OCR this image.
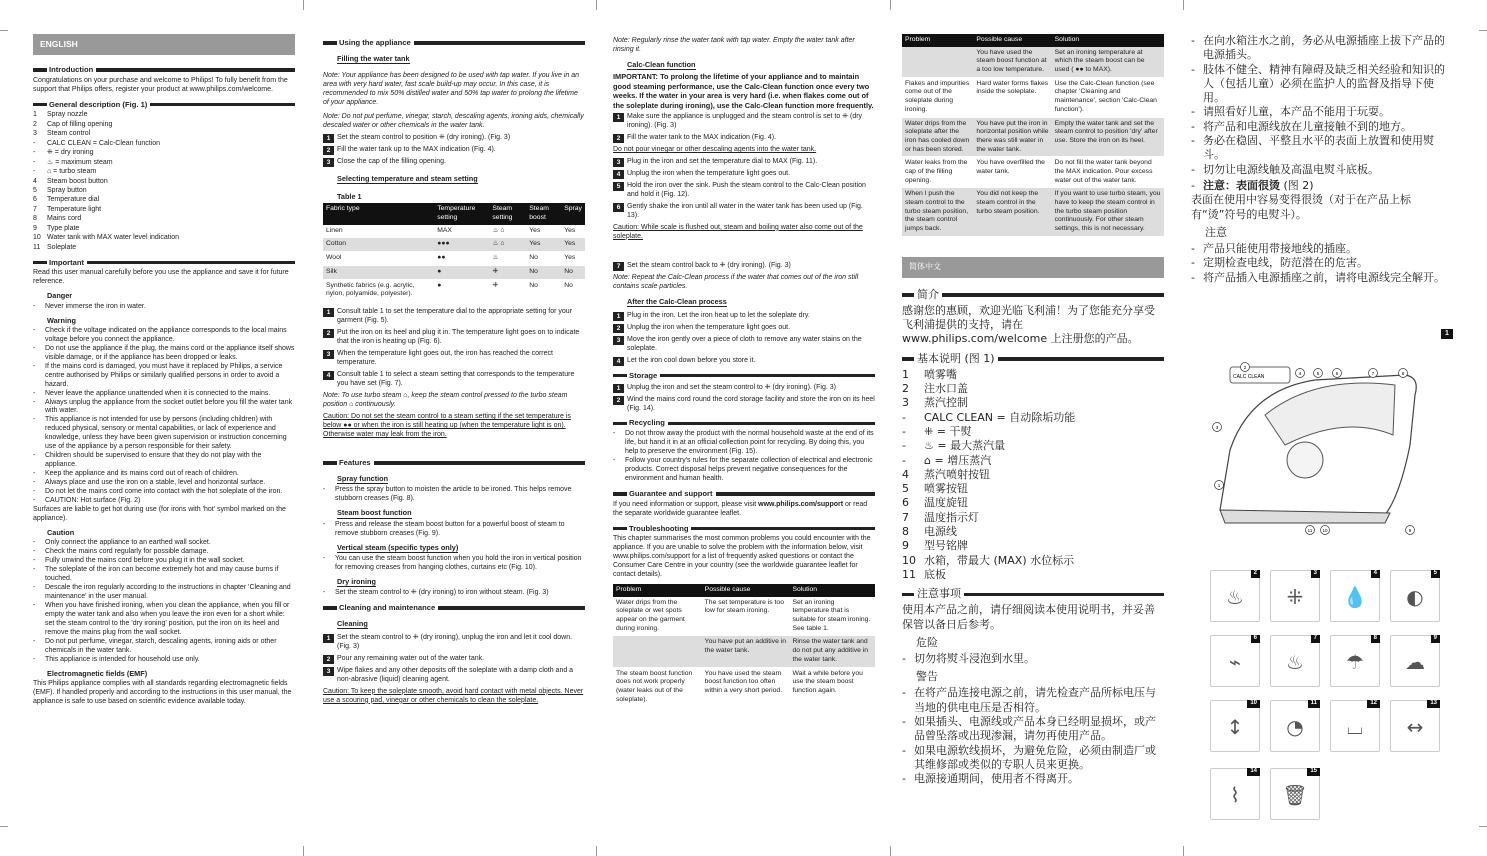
ENGLISH
Introduction

Congratulations on your purchase and welcome to Philips! To fully benefit from the support that Philips offers, register your product at www.philips.com/welcome.

General description (Fig. 1)
1	Spray nozzle
2	Cap of filling opening
3	Steam control
-	CALC CLEAN = Calc-Clean function
-	⁜ = dry ironing
-	♨ = maximum steam
-	⌂ = turbo steam
4	Steam boost button
5	Spray button
6	Temperature dial
7	Temperature light
8	Mains cord
9	Type plate
10 Water tank with MAX water level indication
11 Soleplate
Important

Read this user manual carefully before you use the appliance and save it for future reference.

Danger
-	Never immerse the iron in water.
Warning
-	Check if the voltage indicated on the appliance corresponds to the local mains voltage before you connect the appliance.
-	Do not use the appliance if the plug, the mains cord or the appliance itself shows visible damage, or if the appliance has been dropped or leaks.
-	If the mains cord is damaged, you must have it replaced by Philips, a service centre authorised by Philips or similarly qualified persons in order to avoid a hazard.
-	Never leave the appliance unattended when it is connected to the mains.
-	Always unplug the appliance from the socket outlet before you fill the water tank with water.
-	This appliance is not intended for use by persons (including children) with reduced physical, sensory or mental capabilities, or lack of experience and knowledge, unless they have been given supervision or instruction concerning use of the appliance by a person responsible for their safety.
-	Children should be supervised to ensure that they do not play with the appliance.
-	Keep the appliance and its mains cord out of reach of children.
-	Always place and use the iron on a stable, level and horizontal surface.
-	Do not let the mains cord come into contact with the hot soleplate of the iron.
-	CAUTION: Hot surface (Fig. 2)

Surfaces are liable to get hot during use (for irons with 'hot' symbol marked on the appliance).

Caution
-	Only connect the appliance to an earthed wall socket.
-	Check the mains cord regularly for possible damage.
-	Fully unwind the mains cord before you plug it in the wall socket.
-	The soleplate of the iron can become extremely hot and may cause burns if touched.
-	Descale the iron regularly according to the instructions in chapter 'Cleaning and maintenance' in the user manual.
-	When you have finished ironing, when you clean the appliance, when you fill or empty the water tank and also when you leave the iron even for a short while: set the steam control to the 'dry ironing' position, put the iron on its heel and remove the mains plug from the wall socket.
-	Do not put perfume, vinegar, starch, descaling agents, ironing aids or other chemicals in the water tank.
-	This appliance is intended for household use only.
Electromagnetic fields (EMF)

This Philips appliance complies with all standards regarding electromagnetic fields (EMF). If handled properly and according to the instructions in this user manual, the appliance is safe to use based on scientific evidence available today.

Using the appliance
Filling the water tank

Note: Your appliance has been designed to be used with tap water. If you live in an area with very hard water, fast scale build-up may occur. In this case, it is recommended to mix 50% distilled water and 50% tap water to prolong the lifetime of your appliance.

Note: Do not put perfume, vinegar, starch, descaling agents, ironing aids, chemically descaled water or other chemicals in the water tank.

1 Set the steam control to position ⁜ (dry ironing). (Fig. 3)
2 Fill the water tank up to the MAX indication (Fig. 4).
3 Close the cap of the filling opening.
Selecting temperature and steam setting
Table 1
Fabric type	Temperature setting	Steam setting	Steam boost	Spray
Linen	MAX	♨ ⌂	Yes	Yes
Cotton	●●●	♨ ⌂	Yes	Yes
Wool	●●	♨	No	Yes
Silk	●	⁜	No	No
Synthetic fabrics (e.g. acrylic, nylon, polyamide, polyester).	●	⁜	No	No
1 Consult table 1 to set the temperature dial to the appropriate setting for your garment (Fig. 5).
2 Put the iron on its heel and plug it in. The temperature light goes on to indicate that the iron is heating up (Fig. 6).
3 When the temperature light goes out, the iron has reached the correct temperature.
4 Consult table 1 to select a steam setting that corresponds to the temperature you have set (Fig. 7).

Note: To use turbo steam ⌂, keep the steam control pressed to the turbo steam position ⌂ continuously.

Caution: Do not set the steam control to a steam setting if the set temperature is below ●● or when the iron is still heating up (when the temperature light is on). Otherwise water may leak from the iron.

Features
Spray function
-	Press the spray button to moisten the article to be ironed. This helps remove stubborn creases (Fig. 8).
Steam boost function
-	Press and release the steam boost button for a powerful boost of steam to remove stubborn creases (Fig. 9).
Vertical steam (specific types only)
-	You can use the steam boost function when you hold the iron in vertical position for removing creases from hanging clothes, curtains etc (Fig. 10).
Dry ironing
-	Set the steam control to ⁜ (dry ironing) to iron without steam. (Fig. 3)
Cleaning and maintenance
Cleaning
1 Set the steam control to ⁜ (dry ironing), unplug the iron and let it cool down. (Fig. 3)
2 Pour any remaining water out of the water tank.
3 Wipe flakes and any other deposits off the soleplate with a damp cloth and a non-abrasive (liquid) cleaning agent.

Caution: To keep the soleplate smooth, avoid hard contact with metal objects. Never use a scouring pad, vinegar or other chemicals to clean the soleplate.

Note: Regularly rinse the water tank with tap water. Empty the water tank after rinsing it.

Calc-Clean function

IMPORTANT: To prolong the lifetime of your appliance and to maintain good steaming performance, use the Calc-Clean function once every two weeks. If the water in your area is very hard (i.e. when flakes come out of the soleplate during ironing), use the Calc-Clean function more frequently.

1 Make sure the appliance is unplugged and the steam control is set to ⁜ (dry ironing). (Fig. 3)
2 Fill the water tank to the MAX indication (Fig. 4).

Do not pour vinegar or other descaling agents into the water tank.

3 Plug in the iron and set the temperature dial to MAX (Fig. 11).
4 Unplug the iron when the temperature light goes out.
5 Hold the iron over the sink. Push the steam control to the Calc-Clean position and hold it (Fig. 12).
6 Gently shake the iron until all water in the water tank has been used up (Fig. 13).

Caution: While scale is flushed out, steam and boiling water also come out of the soleplate.

7 Set the steam control back to ⁜ (dry ironing). (Fig. 3)

Note: Repeat the Calc-Clean process if the water that comes out of the iron still contains scale particles.

After the Calc-Clean process
1 Plug in the iron. Let the iron heat up to let the soleplate dry.
2 Unplug the iron when the temperature light goes out.
3 Move the iron gently over a piece of cloth to remove any water stains on the soleplate.
4 Let the iron cool down before you store it.
Storage
1 Unplug the iron and set the steam control to ⁜ (dry ironing). (Fig. 3)
2 Wind the mains cord round the cord storage facility and store the iron on its heel (Fig. 14).
Recycling
-	Do not throw away the product with the normal household waste at the end of its life, but hand it in at an official collection point for recycling. By doing this, you help to preserve the environment (Fig. 15).
-	Follow your country's rules for the separate collection of electrical and electronic products. Correct disposal helps prevent negative consequences for the environment and human health.
Guarantee and support

If you need information or support, please visit www.philips.com/support or read the separate worldwide guarantee leaflet.

Troubleshooting

This chapter summarises the most common problems you could encounter with the appliance. If you are unable to solve the problem with the information below, visit www.philips.com/support for a list of frequently asked questions or contact the Consumer Care Centre in your country (see the worldwide guarantee leaflet for contact details).

Problem	Possible cause	Solution
Water drips from the soleplate or wet spots appear on the garment during ironing.	The set temperature is too low for steam ironing.	Set an ironing temperature that is suitable for steam ironing. See table 1.
	You have put an additive in the water tank.	Rinse the water tank and do not put any additive in the water tank.
The steam boost function does not work properly (water leaks out of the soleplate).	You have used the steam boost function too often within a very short period.	Wait a while before you use the steam boost function again.
Problem	Possible cause	Solution
	You have used the steam boost function at a too low temperature.	Set an ironing temperature at which the steam boost can be used ( ●● to MAX).
Flakes and impurities come out of the soleplate during ironing.	Hard water forms flakes inside the soleplate.	Use the Calc-Clean function (see chapter 'Cleaning and maintenance', section 'Calc-Clean function').
Water drips from the soleplate after the iron has cooled down or has been stored.	You have put the iron in horizontal position while there was still water in the water tank.	Empty the water tank and set the steam control to position 'dry' after use. Store the iron on its heel.
Water leaks from the cap of the filling opening.	You have overfilled the water tank.	Do not fill the water tank beyond the MAX indication. Pour excess water out of the water tank.
When I push the steam control to the turbo steam position, the steam control jumps back.	You did not keep the steam control in the turbo steam position.	If you want to use turbo steam, you have to keep the steam control in the turbo steam position continuously. For other steam settings, this is not necessary.
简体中文
简介

感谢您的惠顾，欢迎光临飞利浦！为了您能充分享受飞利浦提供的支持，请在 www.philips.com/welcome 上注册您的产品。

基本说明 (图 1)
1	喷雾嘴
2	注水口盖
3	蒸汽控制
-	CALC CLEAN = 自动除垢功能
-	⁜ = 干熨
-	♨ = 最大蒸汽量
-	⌂ = 增压蒸汽
4	蒸汽喷射按钮
5	喷雾按钮
6	温度旋钮
7	温度指示灯
8	电源线
9	型号铭牌
10 水箱，带最大 (MAX) 水位标示
11 底板
注意事项

使用本产品之前，请仔细阅读本使用说明书，并妥善保管以备日后参考。

危险
- 切勿将熨斗浸泡到水里。
警告
- 在将产品连接电源之前，请先检查产品所标电压与当地的供电电压是否相符。
- 如果插头、电源线或产品本身已经明显损坏，或产品曾坠落或出现渗漏，请勿再使用产品。
- 如果电源软线损坏，为避免危险，必须由制造厂或其维修部或类似的专职人员来更换。
- 电源接通期间，使用者不得离开。
- 在向水箱注水之前，务必从电源插座上拔下产品的电源插头。
- 肢体不健全、精神有障碍及缺乏相关经验和知识的人（包括儿童）必须在监护人的监督及指导下使用。
- 请照看好儿童，本产品不能用于玩耍。
- 将产品和电源线放在儿童接触不到的地方。
- 务必在稳固、平整且水平的表面上放置和使用熨斗。
- 切勿让电源线触及高温电熨斗底板。
- 注意：表面很烫 (图 2)

表面在使用中容易变得很烫（对于在产品上标有“烫”符号的电熨斗）。

注意
- 产品只能使用带接地线的插座。
- 定期检查电线，防范潜在的危害。
- 将产品插入电源插座之前，请将电源线完全解开。
1
CALC CLEAN
1
2
3
4	5	6	7	8
9
10
11
2
♨
3
⁜
4
💧
5
◐
6
⌁
7
♨
8
☂
9
☁
10
↕
11
◔
12
⌴
13
↔
14
⌇
15
🗑
